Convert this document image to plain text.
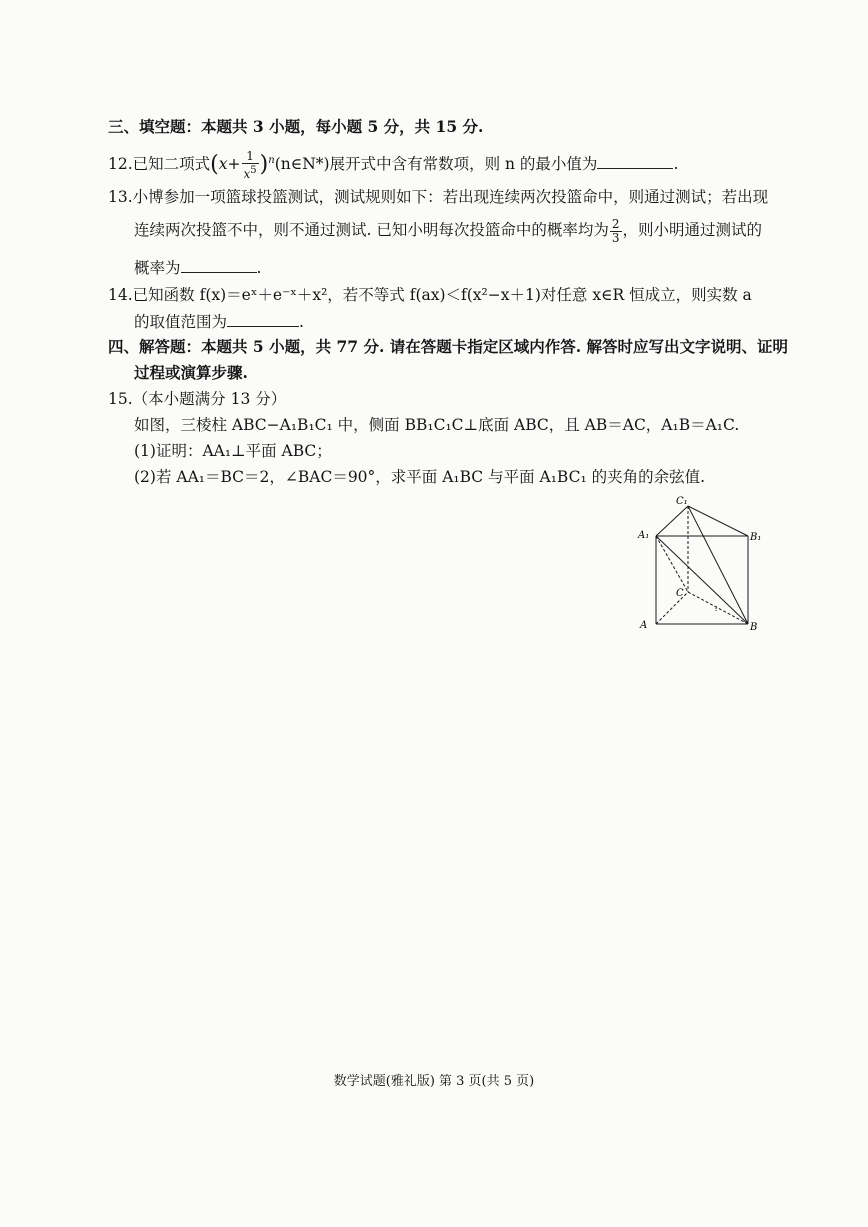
三、填空题：本题共 3 小题，每小题 5 分，共 15 分.
12.已知二项式($x+ \frac{1}{x^5}$ )$^n(n\in N*)$展开式中含有常数项，则 n 的最小值为	.
13.小博参加一项篮球投篮测试，测试规则如下：若出现连续两次投篮命中，则通过测试；若出现
连续两次投篮不中，则不通过测试. 已知小明每次投篮命中的概率均为 $\frac{2}{3}$ ，则小明通过测试的
概率为	.
14.已知函数 f(x)＝eˣ＋e⁻ˣ＋x²，若不等式 f(ax)＜f(x²−x＋1)对任意 x∈R 恒成立，则实数 a
的取值范围为	.
四、解答题：本题共 5 小题，共 77 分. 请在答题卡指定区域内作答. 解答时应写出文字说明、证明
过程或演算步骤.
15.（本小题满分 13 分）
如图，三棱柱 ABC−A₁B₁C₁ 中，侧面 BB₁C₁C⊥底面 ABC，且 AB＝AC，A₁B＝A₁C.
(1)证明：AA₁⊥平面 ABC；
(2)若 AA₁＝BC＝2，∠BAC＝90°，求平面 A₁BC 与平面 A₁BC₁ 的夹角的余弦值.
A	B
C
A₁	B₁
C₁
数学试题(雅礼版) 第 3 页(共 5 页)
